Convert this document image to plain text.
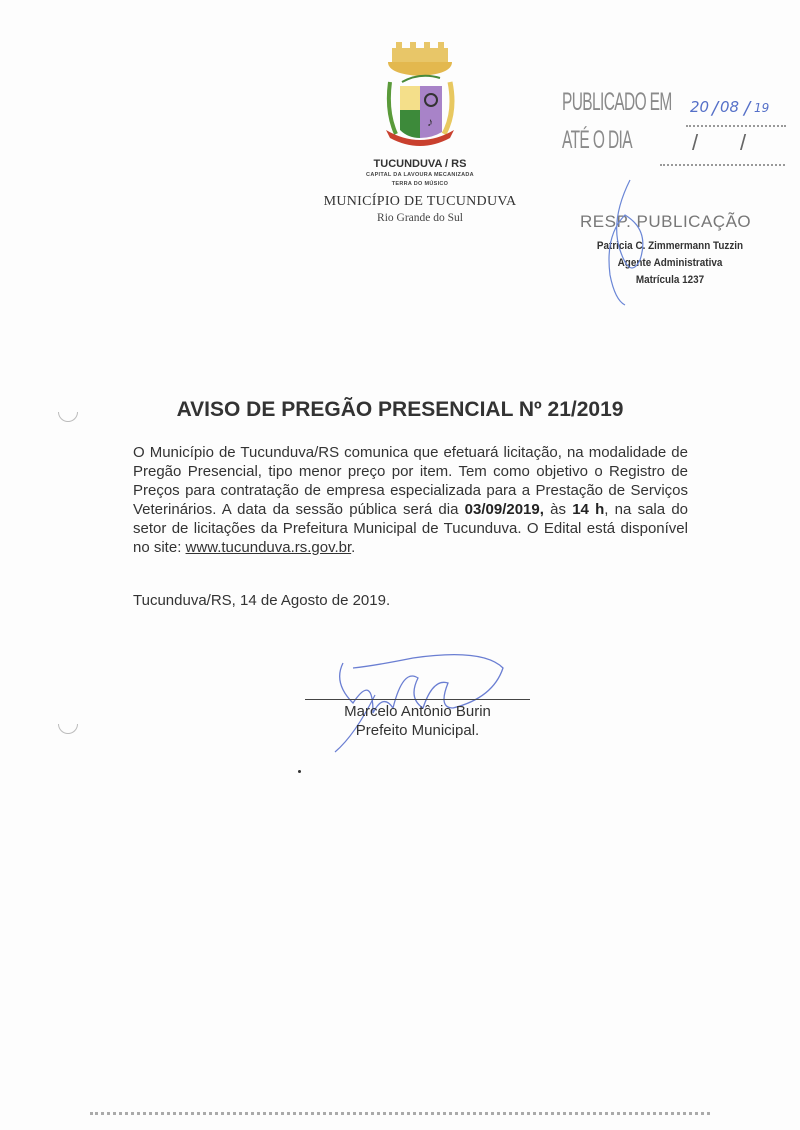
♪
TUCUNDUVA / RS
CAPITAL DA LAVOURA MECANIZADA
TERRA DO MÚSICO
MUNICÍPIO DE TUCUNDUVA
Rio Grande do Sul
PUBLICADO EM 20 / 08 / 19
ATÉ O DIA	/ /
RESP. PUBLICAÇÃO
Patricia C. Zimmermann Tuzzin
Agente Administrativa
Matrícula 1237
AVISO DE PREGÃO PRESENCIAL Nº 21/2019
O Município de Tucunduva/RS comunica que efetuará licitação, na modalidade de Pregão Presencial, tipo menor preço por item. Tem como objetivo o Registro de Preços para contratação de empresa especializada para a Prestação de Serviços Veterinários. A data da sessão pública será dia 03/09/2019, às 14 h, na sala do setor de licitações da Prefeitura Municipal de Tucunduva. O Edital está disponível no site: www.tucunduva.rs.gov.br.
Tucunduva/RS, 14 de Agosto de 2019.
Marcelo Antônio Burin
Prefeito Municipal.
